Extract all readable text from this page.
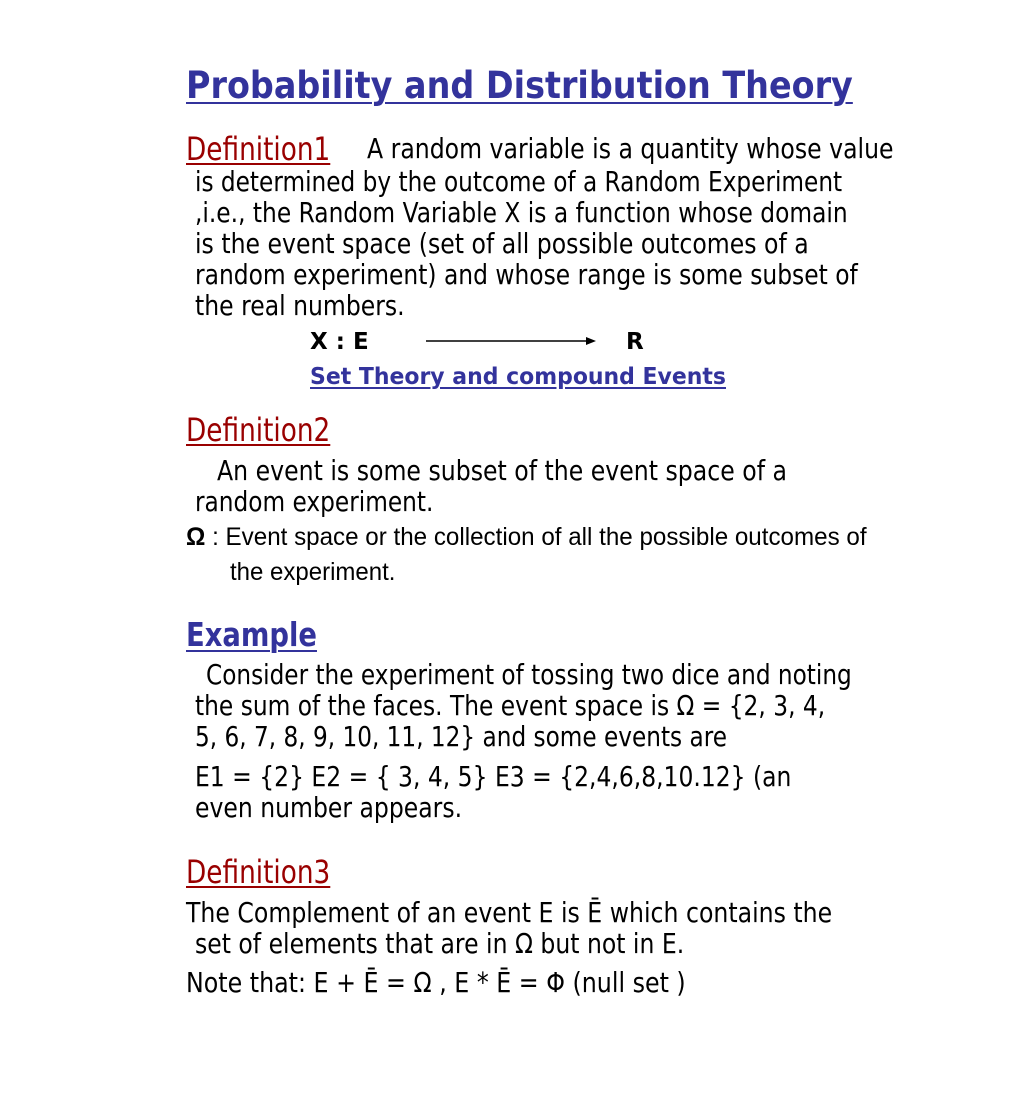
Probability and Distribution Theory
Definition1	A random variable is a quantity whose value
is determined by the outcome of a Random Experiment
,i.e., the Random Variable X is a function whose domain
is the event space (set of all possible outcomes of a
random experiment) and whose range is some subset of
the real numbers.
X : E	R
Set Theory and compound Events
Definition2
An event is some subset of the event space of a
random experiment.
Ω : Event space or the collection of all the possible outcomes of
the experiment.
Example
Consider the experiment of tossing two dice and noting
the sum of the faces. The event space is Ω = {2, 3, 4,
5, 6, 7, 8, 9, 10, 11, 12} and some events are
E1 = {2} E2 = { 3, 4, 5} E3 = {2,4,6,8,10.12} (an
even number appears.
Definition3
The Complement of an event E is Ē which contains the
set of elements that are in Ω but not in E.
Note that: E + Ē = Ω , E * Ē = Φ (null set )
